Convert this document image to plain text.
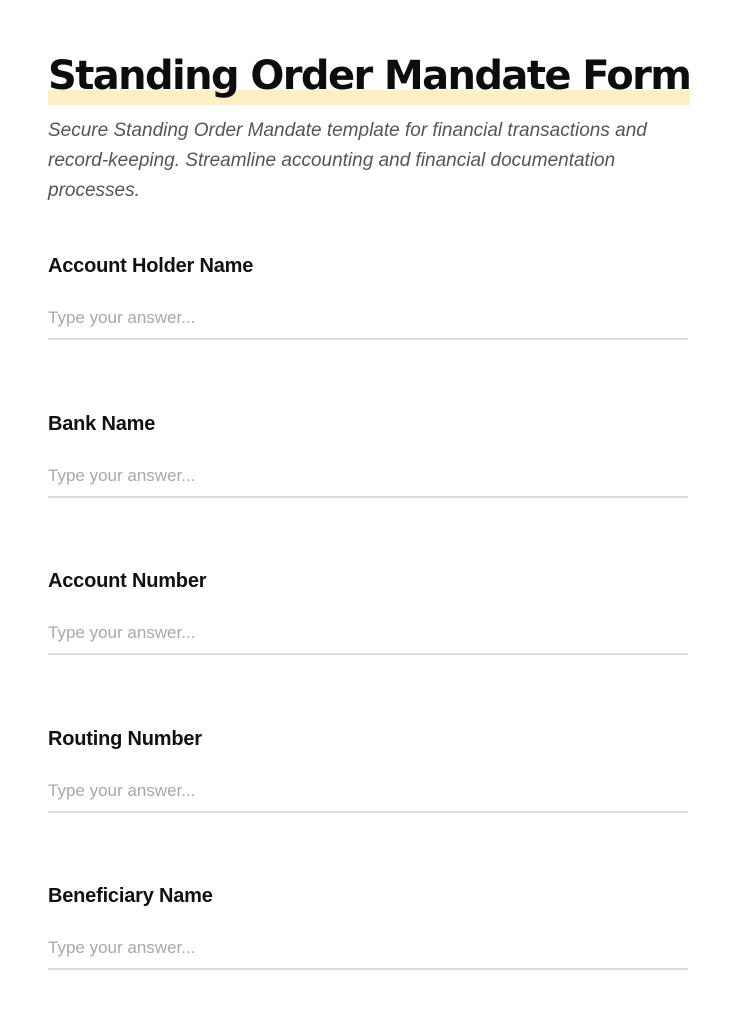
Standing Order Mandate Form

Secure Standing Order Mandate template for financial transactions and record-keeping. Streamline accounting and financial documentation processes.

Account Holder Name
Type your answer...
Bank Name
Type your answer...
Account Number
Type your answer...
Routing Number
Type your answer...
Beneficiary Name
Type your answer...
